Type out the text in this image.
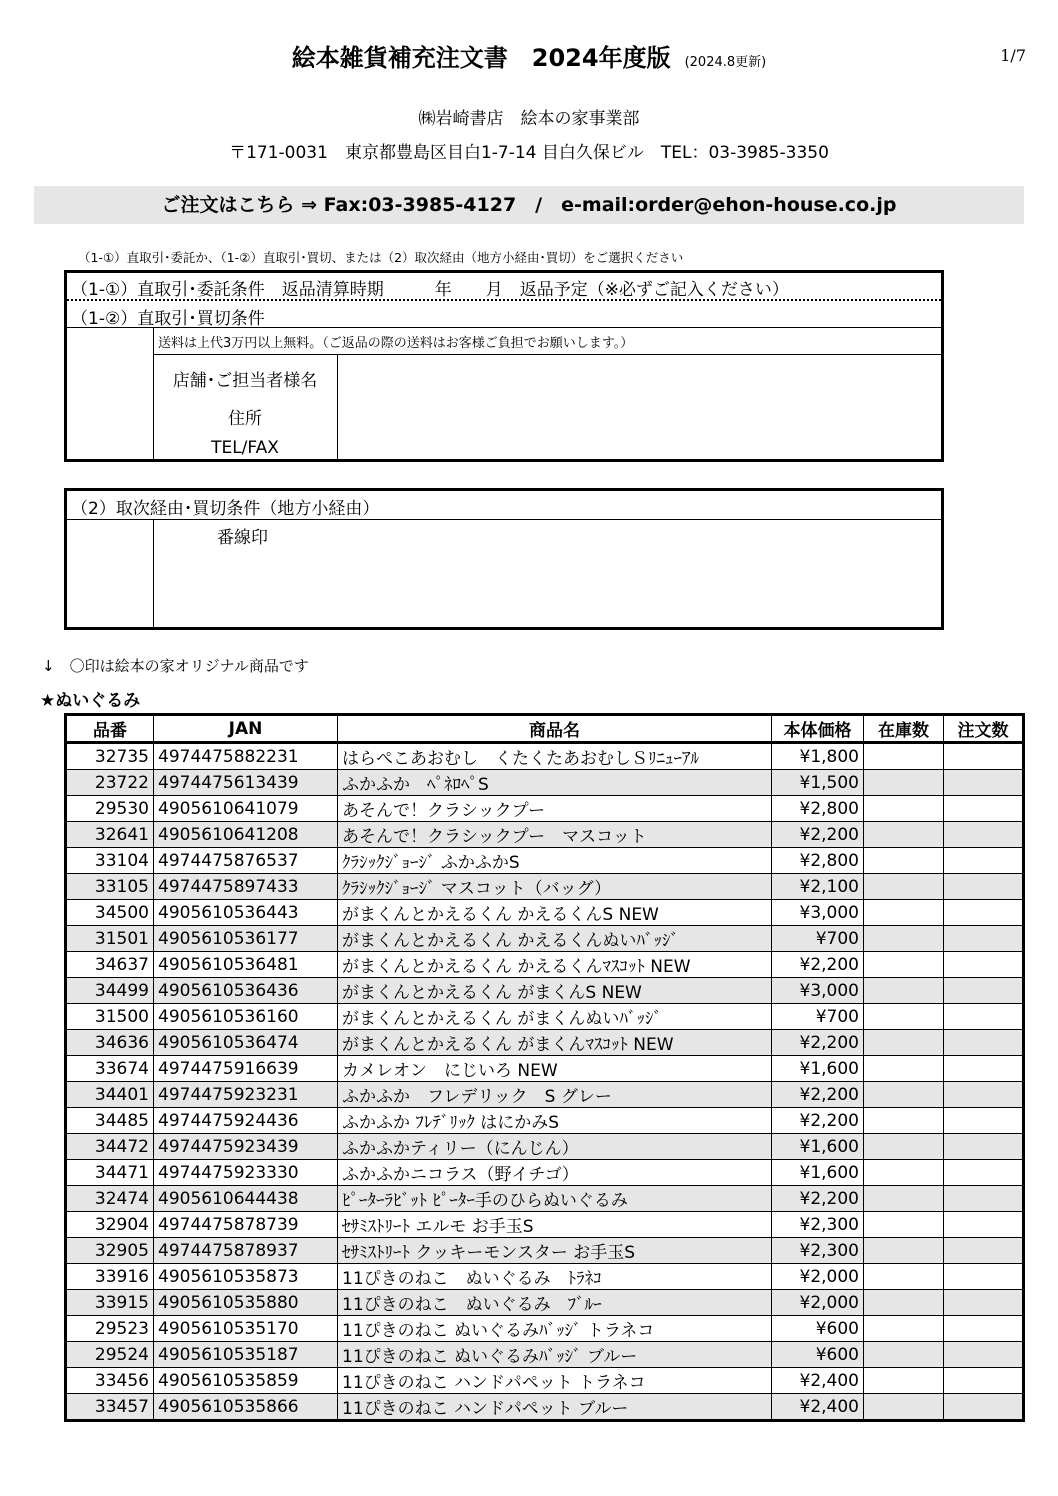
絵本雑貨補充注文書　2024年度版 (2024.8更新)	1/7
㈱岩崎書店　絵本の家事業部
〒171-0031　東京都豊島区目白1-7-14 目白久保ビル　TEL：03-3985-3350
ご注文はこちら ⇒ Fax:03-3985-4127　/　e-mail:order@ehon-house.co.jp
（1-①）直取引･委託か、（1-②）直取引･買切、または（2）取次経由（地方小経由･買切）をご選択ください
（1-①）直取引･委託条件　返品清算時期　　　年　　月　返品予定（※必ずご記入ください）
（1-②）直取引･買切条件
送料は上代3万円以上無料。（ご返品の際の送料はお客様ご負担でお願いします。）
店舗･ご担当者様名
住所
TEL/FAX
（2）取次経由･買切条件（地方小経由）
番線印
↓　〇印は絵本の家オリジナル商品です
★ぬいぐるみ
品番	JAN	商品名	本体価格	在庫数	注文数
32735	4974475882231	はらぺこあおむし　くたくたあおむしＳﾘﾆｭｰｱﾙ	¥1,800		
23722	4974475613439	ふかふか　ﾍﾟﾈﾛﾍﾟS	¥1,500		
29530	4905610641079	あそんで！クラシックプー	¥2,800		
32641	4905610641208	あそんで！クラシックプー　マスコット	¥2,200		
33104	4974475876537	ｸﾗｼｯｸｼﾞｮｰｼﾞ ふかふかS	¥2,800		
33105	4974475897433	ｸﾗｼｯｸｼﾞｮｰｼﾞ マスコット（バッグ）	¥2,100		
34500	4905610536443	がまくんとかえるくん かえるくんS NEW	¥3,000		
31501	4905610536177	がまくんとかえるくん かえるくんぬいﾊﾞｯｼﾞ	¥700		
34637	4905610536481	がまくんとかえるくん かえるくんﾏｽｺｯﾄ NEW	¥2,200		
34499	4905610536436	がまくんとかえるくん がまくんS NEW	¥3,000		
31500	4905610536160	がまくんとかえるくん がまくんぬいﾊﾞｯｼﾞ	¥700		
34636	4905610536474	がまくんとかえるくん がまくんﾏｽｺｯﾄ NEW	¥2,200		
33674	4974475916639	カメレオン　にじいろ NEW	¥1,600		
34401	4974475923231	ふかふか　フレデリック　S グレー	¥2,200		
34485	4974475924436	ふかふか ﾌﾚﾃﾞﾘｯｸ はにかみS	¥2,200		
34472	4974475923439	ふかふかティリー（にんじん）	¥1,600		
34471	4974475923330	ふかふかニコラス（野イチゴ）	¥1,600		
32474	4905610644438	ﾋﾟｰﾀｰﾗﾋﾞｯﾄ ﾋﾟｰﾀｰ手のひらぬいぐるみ	¥2,200		
32904	4974475878739	ｾｻﾐｽﾄﾘｰﾄ エルモ お手玉S	¥2,300		
32905	4974475878937	ｾｻﾐｽﾄﾘｰﾄ クッキーモンスター お手玉S	¥2,300		
33916	4905610535873	11ぴきのねこ　ぬいぐるみ　ﾄﾗﾈｺ	¥2,000		
33915	4905610535880	11ぴきのねこ　ぬいぐるみ　ﾌﾞﾙｰ	¥2,000		
29523	4905610535170	11ぴきのねこ ぬいぐるみﾊﾞｯｼﾞ トラネコ	¥600		
29524	4905610535187	11ぴきのねこ ぬいぐるみﾊﾞｯｼﾞ ブルー	¥600		
33456	4905610535859	11ぴきのねこ ハンドパペット トラネコ	¥2,400		
33457	4905610535866	11ぴきのねこ ハンドパペット ブルー	¥2,400		
